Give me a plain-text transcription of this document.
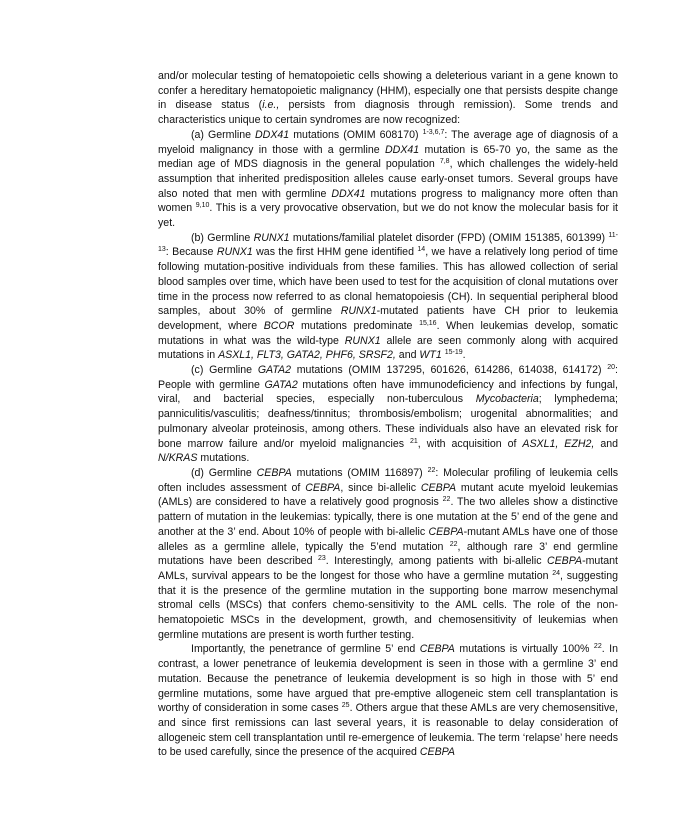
and/or molecular testing of hematopoietic cells showing a deleterious variant in a gene known to confer a hereditary hematopoietic malignancy (HHM), especially one that persists despite change in disease status (i.e., persists from diagnosis through remission). Some trends and characteristics unique to certain syndromes are now recognized:

(a) Germline DDX41 mutations (OMIM 608170) $^{1-3,6,7}$: The average age of diagnosis of a myeloid malignancy in those with a germline DDX41 mutation is 65-70 yo, the same as the median age of MDS diagnosis in the general population $^{7,8}$, which challenges the widely-held assumption that inherited predisposition alleles cause early-onset tumors. Several groups have also noted that men with germline DDX41 mutations progress to malignancy more often than women $^{9,10}$. This is a very provocative observation, but we do not know the molecular basis for it yet.

(b) Germline RUNX1 mutations/familial platelet disorder (FPD) (OMIM 151385, 601399) $^{11-13}$: Because RUNX1 was the first HHM gene identified $^{14}$, we have a relatively long period of time following mutation-positive individuals from these families. This has allowed collection of serial blood samples over time, which have been used to test for the acquisition of clonal mutations over time in the process now referred to as clonal hematopoiesis (CH). In sequential peripheral blood samples, about 30% of germline RUNX1-mutated patients have CH prior to leukemia development, where BCOR mutations predominate $^{15,16}$. When leukemias develop, somatic mutations in what was the wild-type RUNX1 allele are seen commonly along with acquired mutations in ASXL1, FLT3, GATA2, PHF6, SRSF2, and WT1 $^{15-19}$.

(c) Germline GATA2 mutations (OMIM 137295, 601626, 614286, 614038, 614172) $^{20}$: People with germline GATA2 mutations often have immunodeficiency and infections by fungal, viral, and bacterial species, especially non-tuberculous Mycobacteria; lymphedema; panniculitis/vasculitis; deafness/tinnitus; thrombosis/embolism; urogenital abnormalities; and pulmonary alveolar proteinosis, among others. These individuals also have an elevated risk for bone marrow failure and/or myeloid malignancies $^{21}$, with acquisition of ASXL1, EZH2, and N/KRAS mutations.

(d) Germline CEBPA mutations (OMIM 116897) $^{22}$: Molecular profiling of leukemia cells often includes assessment of CEBPA, since bi-allelic CEBPA mutant acute myeloid leukemias (AMLs) are considered to have a relatively good prognosis $^{22}$. The two alleles show a distinctive pattern of mutation in the leukemias: typically, there is one mutation at the 5’ end of the gene and another at the 3’ end. About 10% of people with bi-allelic CEBPA-mutant AMLs have one of those alleles as a germline allele, typically the 5’end mutation $^{22}$, although rare 3’ end germline mutations have been described $^{23}$. Interestingly, among patients with bi-allelic CEBPA-mutant AMLs, survival appears to be the longest for those who have a germline mutation $^{24}$, suggesting that it is the presence of the germline mutation in the supporting bone marrow mesenchymal stromal cells (MSCs) that confers chemo-sensitivity to the AML cells. The role of the non-hematopoietic MSCs in the development, growth, and chemosensitivity of leukemias when germline mutations are present is worth further testing.

Importantly, the penetrance of germline 5’ end CEBPA mutations is virtually 100% $^{22}$. In contrast, a lower penetrance of leukemia development is seen in those with a germline 3’ end mutation. Because the penetrance of leukemia development is so high in those with 5’ end germline mutations, some have argued that pre-emptive allogeneic stem cell transplantation is worthy of consideration in some cases $^{25}$. Others argue that these AMLs are very chemosensitive, and since first remissions can last several years, it is reasonable to delay consideration of allogeneic stem cell transplantation until re-emergence of leukemia. The term ‘relapse’ here needs to be used carefully, since the presence of the acquired CEBPA
